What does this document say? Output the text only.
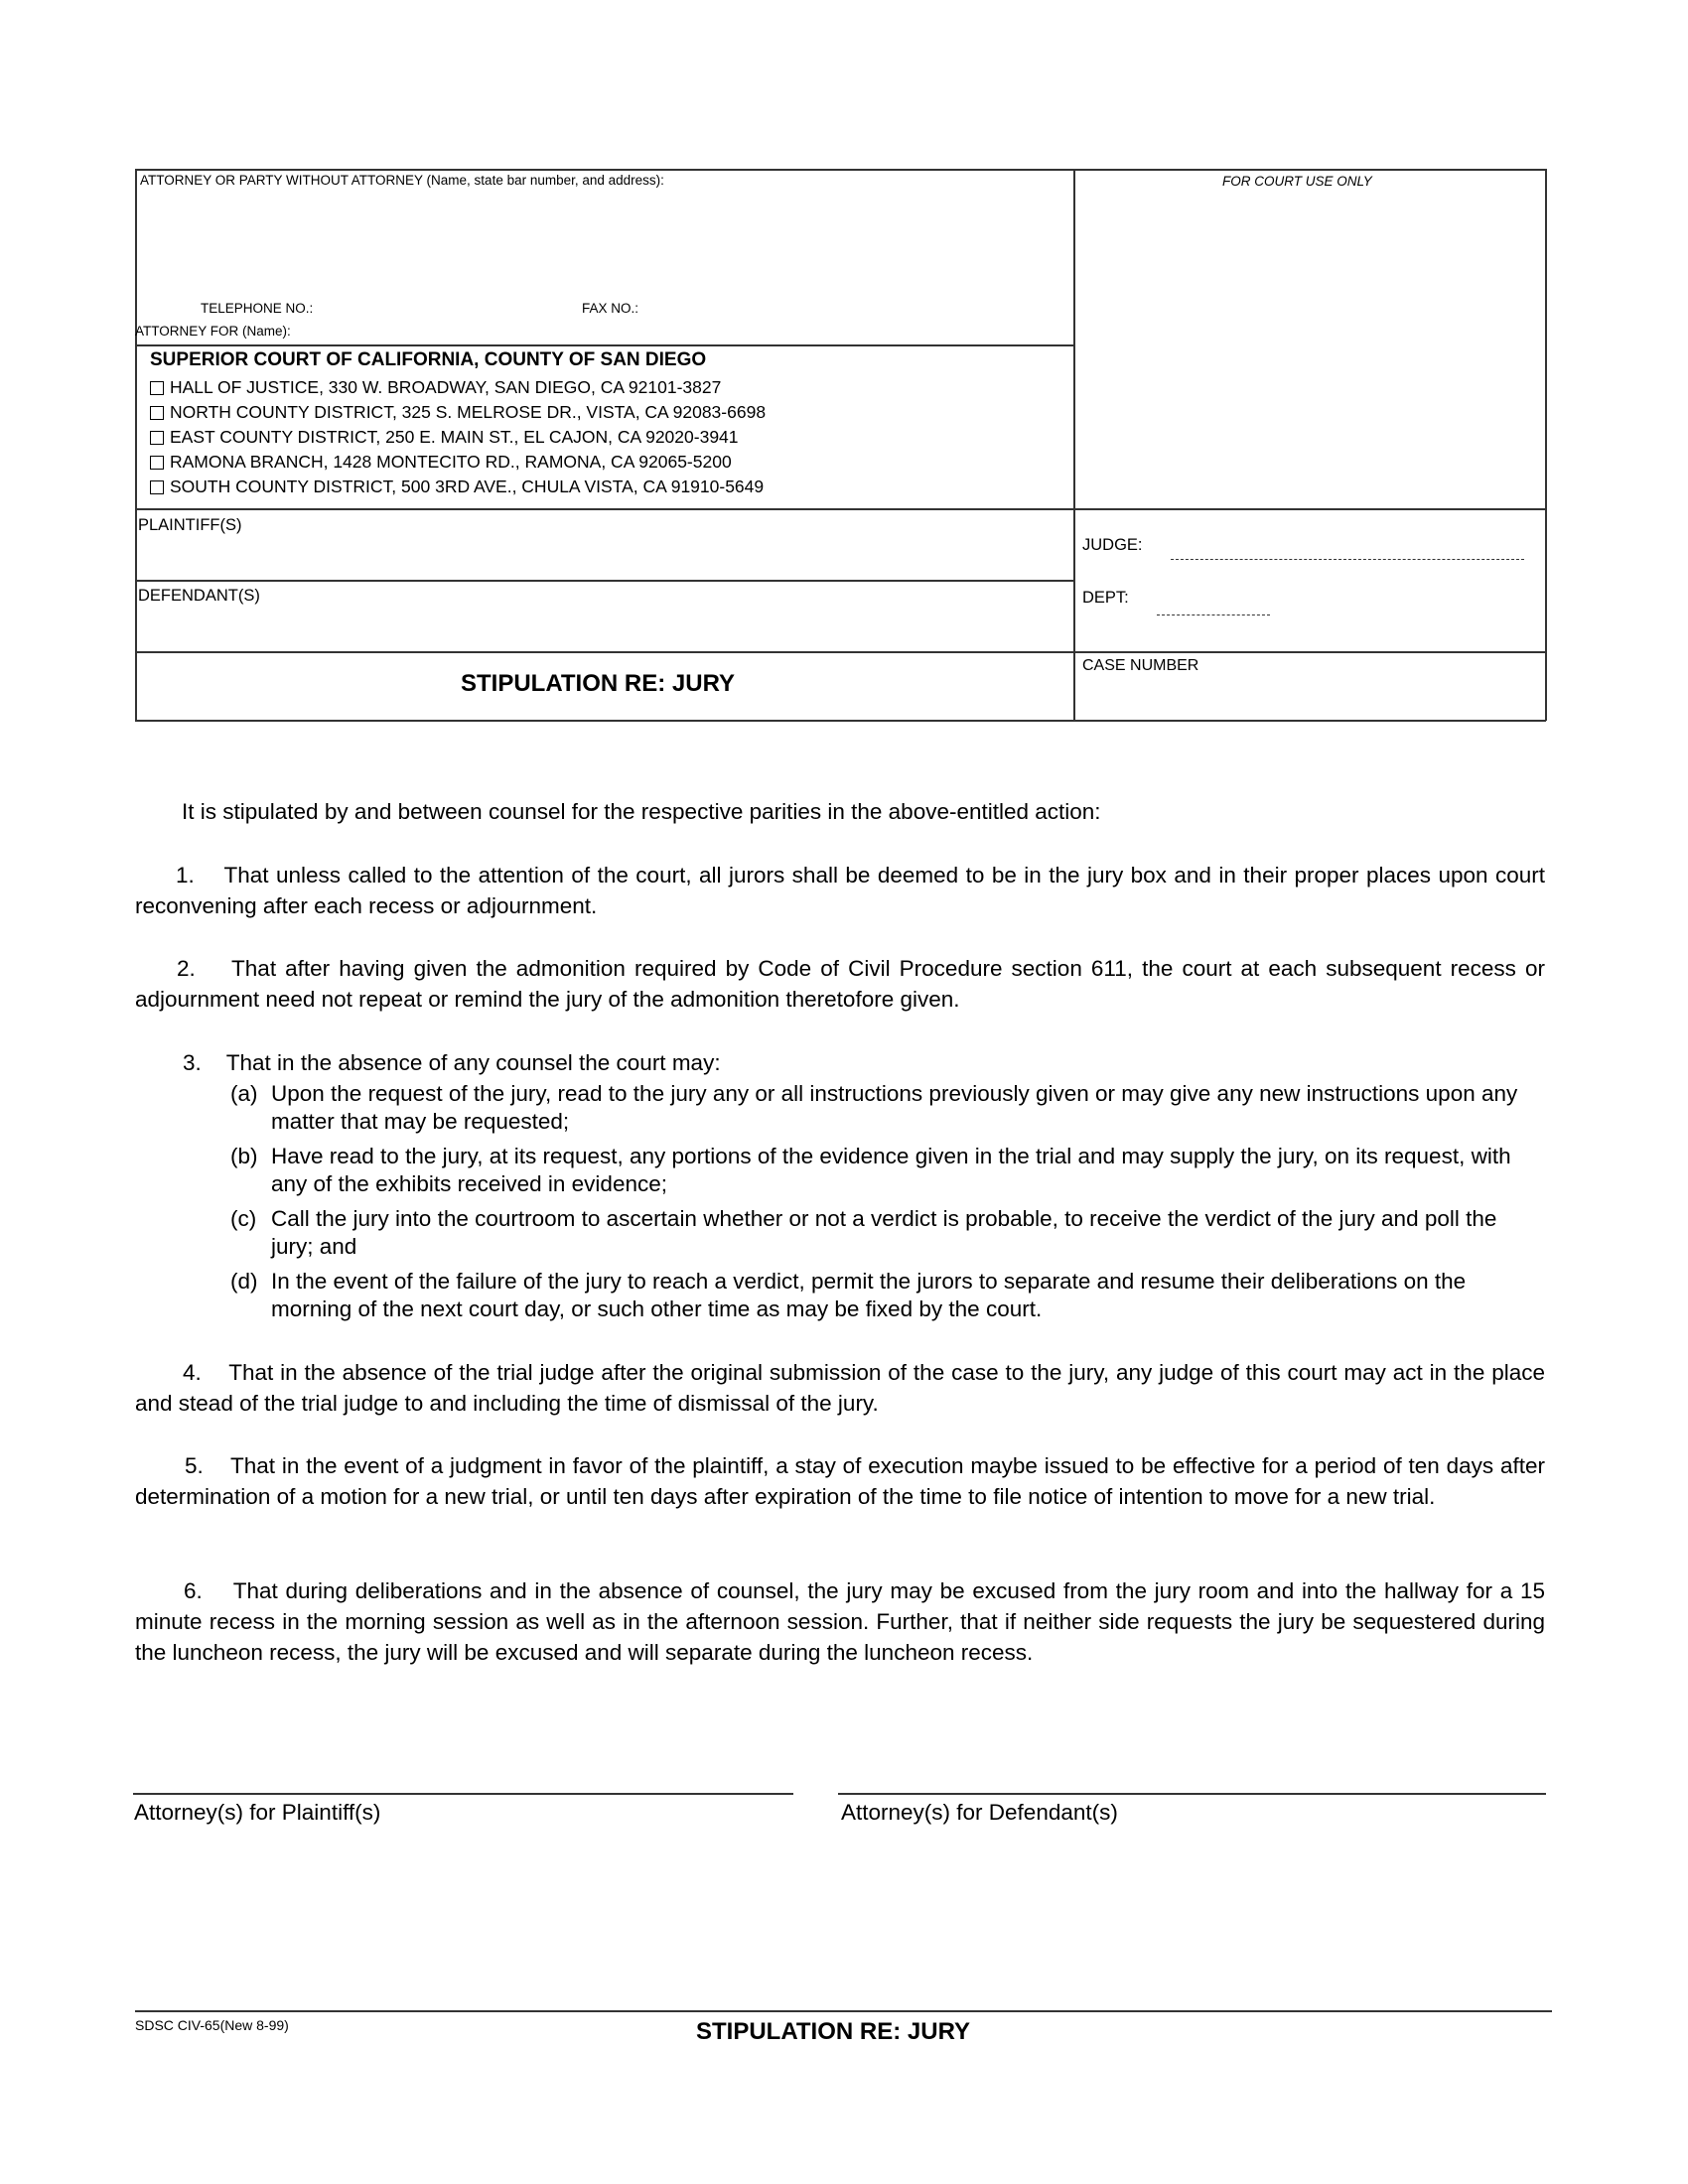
ATTORNEY OR PARTY WITHOUT ATTORNEY (Name, state bar number, and address):	FOR COURT USE ONLY
TELEPHONE NO.:	FAX NO.:
ATTORNEY FOR (Name):
SUPERIOR COURT OF CALIFORNIA, COUNTY OF SAN DIEGO
HALL OF JUSTICE, 330 W. BROADWAY, SAN DIEGO, CA 92101-3827
NORTH COUNTY DISTRICT, 325 S. MELROSE DR., VISTA, CA 92083-6698
EAST COUNTY DISTRICT, 250 E. MAIN ST., EL CAJON, CA 92020-3941
RAMONA BRANCH, 1428 MONTECITO RD., RAMONA, CA 92065-5200
SOUTH COUNTY DISTRICT, 500 3RD AVE., CHULA VISTA, CA 91910-5649
PLAINTIFF(S)
DEFENDANT(S)
JUDGE:
DEPT:
CASE NUMBER
STIPULATION RE: JURY
It is stipulated by and between counsel for the respective parities in the above-entitled action:
1. That unless called to the attention of the court, all jurors shall be deemed to be in the jury box and in their proper places upon court reconvening after each recess or adjournment.
2. That after having given the admonition required by Code of Civil Procedure section 611, the court at each subsequent recess or adjournment need not repeat or remind the jury of the admonition theretofore given.
3. That in the absence of any counsel the court may:
(a) Upon the request of the jury, read to the jury any or all instructions previously given or may give any new instructions upon any matter that may be requested;
(b) Have read to the jury, at its request, any portions of the evidence given in the trial and may supply the jury, on its request, with any of the exhibits received in evidence;
(c) Call the jury into the courtroom to ascertain whether or not a verdict is probable, to receive the verdict of the jury and poll the jury; and
(d) In the event of the failure of the jury to reach a verdict, permit the jurors to separate and resume their deliberations on the morning of the next court day, or such other time as may be fixed by the court.
4. That in the absence of the trial judge after the original submission of the case to the jury, any judge of this court may act in the place and stead of the trial judge to and including the time of dismissal of the jury.
5. That in the event of a judgment in favor of the plaintiff, a stay of execution maybe issued to be effective for a period of ten days after determination of a motion for a new trial, or until ten days after expiration of the time to file notice of intention to move for a new trial.
6. That during deliberations and in the absence of counsel, the jury may be excused from the jury room and into the hallway for a 15 minute recess in the morning session as well as in the afternoon session. Further, that if neither side requests the jury be sequestered during the luncheon recess, the jury will be excused and will separate during the luncheon recess.
Attorney(s) for Plaintiff(s)	Attorney(s) for Defendant(s)
SDSC CIV-65(New 8-99)	STIPULATION RE: JURY
